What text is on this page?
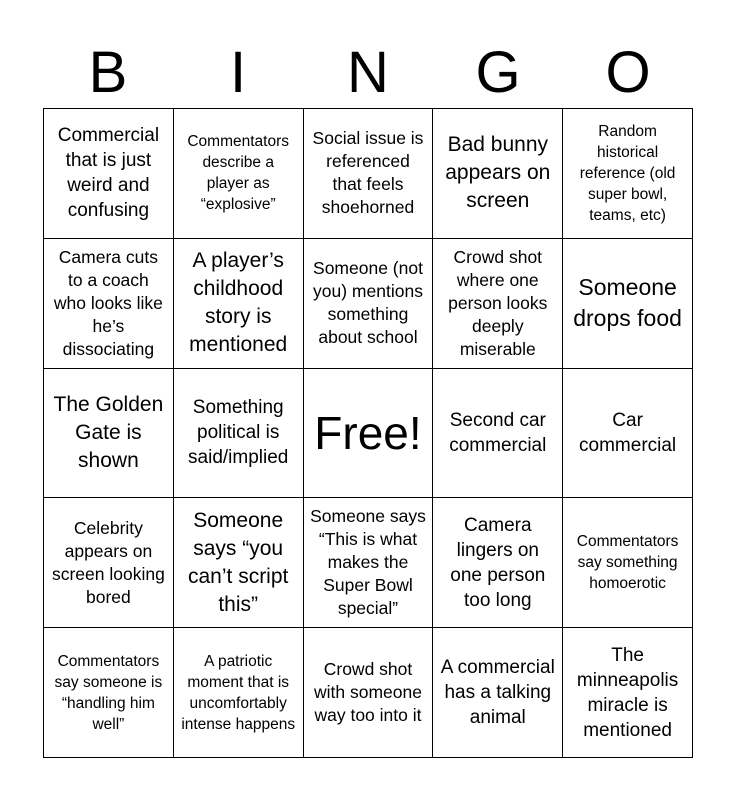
B	I	N	G	O
Commercial that is just weird and confusing
Commentators describe a player as “explosive”
Social issue is referenced that feels shoehorned
Bad bunny appears on screen
Random historical reference (old super bowl, teams, etc)
Camera cuts to a coach who looks like he’s dissociating
A player’s childhood story is mentioned
Someone (not you) mentions something about school
Crowd shot where one person looks deeply miserable
Someone drops food
The Golden Gate is shown
Something political is said/implied Free!	Second car commercial
Car commercial
Celebrity appears on screen looking bored
Someone says “you can’t script this”
Someone says “This is what makes the Super Bowl special”
Camera lingers on one person too long
Commentators say something homoerotic
Commentators say someone is “handling him well”
A patriotic moment that is uncomfortably intense happens
Crowd shot with someone way too into it
A commercial has a talking animal
The minneapolis miracle is mentioned
